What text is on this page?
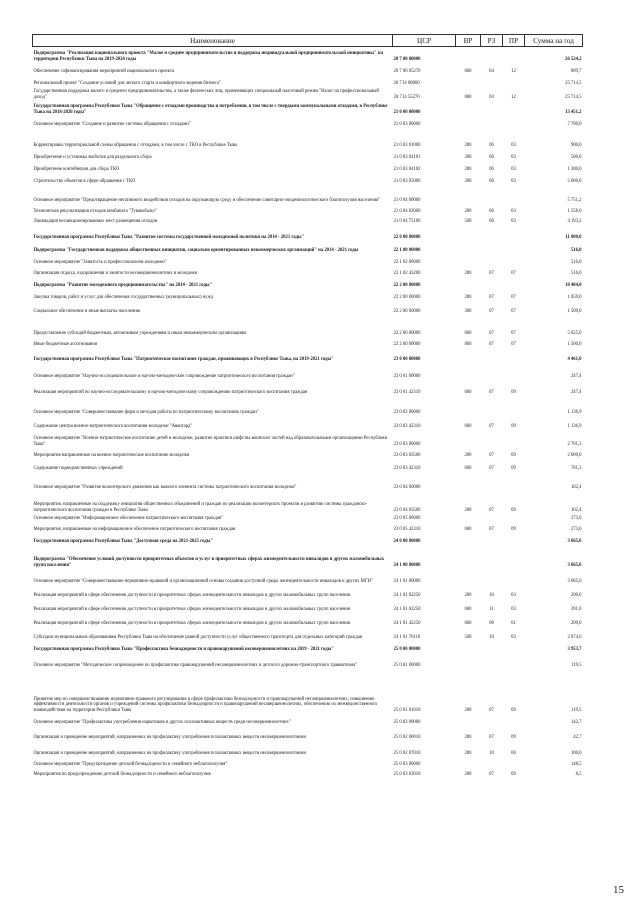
Наименование	ЦСР	ВР	РЗ	ПР	Сумма на год
Подпрограмма "Реализация национального проекта "Малое и среднее предпринимательство и поддержка индивидуальной предпринимательской инициативы" на территории Республики Тыва на 2019-2024 годы	20 7 00 00000				26 524,2
Обеспечение софинансирования мероприятий национального проекта	20 7 00 05270	600	04	12	809,7
Региональный проект "Создание условий для легкого старта и комфортного ведения бизнеса"	20 7 I4 00000				25 714,5
Государственная поддержка малого и среднего предпринимательства, а также физических лиц, применяющих специальный налоговый режим "Налог на профессиональный доход"	20 7 I4 55270	800	04	12	25 714,5
Государственная программа Республики Тыва "Обращение с отходами производства и потребления, в том числе с твердыми коммунальными отходами, в Республике Тыва на 2018-2026 годы"	21 0 00 00000				13 451,2
Основное мероприятие "Создание и развитие системы обращения с отходами"	21 0 03 00000				7 700,0
Корректировка территориальной схемы обращения с отходами, в том числе с ТКО в Республике Тыва	21 0 03 01000	200	06	03	900,0
Приобретение и установка экоботов для раздельного сбора	21 0 03 04101	200	06	03	500,0
Приобретение контейнеров для сбора ТКО	21 0 03 04102	200	06	03	1 300,0
Строительство объектов в сфере обращения с ТКО	21 0 03 05000	200	06	03	5 000,0
Основное мероприятие "Предотвращение негативного воздействия отходов на окружающую среду и обеспечение санитарно-эпидемиологического благополучия населения"	21 0 04 00000				5 751,2
Техническая рекультивация отходов комбината "Тувакобальт"	21 0 04 02000	200	06	03	1 558,0
Ликвидация несанкционированных мест размещения отходов	21 0 04 75100	500	06	03	4 193,2
Государственная программа Республики Тыва "Развитие системы государственной молодежной политики на 2014 - 2021 годы"	22 0 00 00000				11 000,0
Подпрограмма "Государственная поддержка общественных инициатив, социально ориентированных некоммерческих организаций" на 2014 - 2021 годы	22 1 00 00000				516,0
Основное мероприятие "Занятость и профессионализм молодежи"	22 1 02 00000				516,0
Организация отдыха, оздоровления и занятости несовершеннолетних и молодежи	22 1 02 43200	200	07	07	516,0
Подпрограмма "Развитие молодежного предпринимательства" на 2014 - 2021 годы"	22 2 00 00000				10 484,0
Закупка товаров, работ и услуг для обеспечения государственных (муниципальных) нужд	22 2 00 00000	200	07	07	1 859,0
Социальное обеспечение и иные выплаты населению	22 2 00 00000	300	07	07	1 500,0
Предоставление субсидий бюджетным, автономным учреждениям и иным некоммерческим организациям	22 2 00 00000	600	07	07	5 625,0
Иные бюджетные ассигнования	22 2 00 00000	800	07	07	1 500,0
Государственная программа Республики Тыва "Патриотическое воспитание граждан, проживающих в Республике Тыва, на 2019-2021 годы"	23 0 00 00000				4 461,0
Основное мероприятие "Научно-исследовательское и научно-методическое сопровождение патриотического воспитания граждан"	23 0 01 00000				247,4
Реализация мероприятий по научно-исследовательскому и научно-методическому сопровождению патриотического воспитания граждан	23 0 01 42310	600	07	09	247,4
Основное мероприятие "Совершенствование форм и методов работы по патриотическому воспитанию граждан"	23 0 02 00000				1 136,9
Содержание центра военно-патриотического воспитания молодежи "Авангард"	23 0 02 42310	600	07	09	1 136,9
Основное мероприятие "Военно-патриотическое воспитание детей и молодежи, развитие практики шефства воинских частей над образовательными организациями Республики Тыва"	23 0 03 00000				2 701,3
Мероприятия направленные на военно-патриотическое воспитание молодежи	23 0 03 03500	200	07	09	2 000,0
Содержание подведомственных учреждений	23 0 03 42310	600	07	09	701,3
Основное мероприятие "Развитие волонтерского движения как важного элемента системы патриотического воспитания молодежи"	23 0 04 00000				102,4
Мероприятия, направленные на поддержку инициатив общественных объединений и граждан по реализации волонтерских проектов и развитию системы гражданско-патриотического воспитания граждан в Республике Тыва	23 0 04 03500	200	07	09	102,4
Основное мероприятие "Информационное обеспечение патриотического воспитания граждан"	23 0 05 00000				273,0
Мероприятия, направленные на информационное обеспечение патриотического воспитания граждан	23 0 05 42310	600	07	09	273,0
Государственная программа Республики Тыва "Доступная среда на 2021-2025 годы"	24 0 00 00000				3 665,6
Подпрограмма "Обеспечение условий доступности приоритетных объектов и услуг в приоритетных сферах жизнедеятельности инвалидов и других маломобильных групп населения"	24 1 00 00000				3 665,6
Основное мероприятие "Совершенствование нормативно-правовой и организационной основы создания доступной среды жизнедеятельности инвалидов и других МГН"	24 1 01 00000				3 665,6
Реализация мероприятий в сфере обеспечения доступности в приоритетных сферах жизнедеятельности инвалидов и других маломобильных групп населения	24 1 01 02250	200	10	03	200,0
Реализация мероприятий в сфере обеспечения доступности в приоритетных сферах жизнедеятельности инвалидов и других маломобильных групп населения	24 1 01 02250	600	11	03	391,0
Реализация мероприятий в сфере обеспечения доступности в приоритетных сферах жизнедеятельности инвалидов и других маломобильных групп населения	24 1 01 42250	600	08	01	200,0
Субсидии муниципальным образованиям Республики Тыва на обеспечение равной доступности услуг общественного транспорта для отдельных категорий граждан	24 1 01 76110	500	10	03	2 874,6
Государственная программа Республики Тыва "Профилактика безнадзорности и правонарушений несовершеннолетних на 2019 - 2021 годы"	25 0 00 00000				3 953,7
Основное мероприятие "Методическое сопровождение по профилактике правонарушений несовершеннолетних и детского дорожно-транспортного травматизма"	25 0 01 00000				119,5
Принятие мер по совершенствованию нормативно-правового регулирования в сфере профилактики безнадзорности и правонарушений несовершеннолетних, повышению эффективности деятельности органов и учреждений системы профилактики безнадзорности и правонарушений несовершеннолетних, обеспечению их межведомственного взаимодействия на территории Республики Тыва	25 0 01 01010	200	07	09	119,5
Основное мероприятие "Профилактика употребления наркотиков и других психоактивных веществ среди несовершеннолетних"	25 0 02 00000				142,7
Организация и проведение мероприятий, направленных на профилактику употребления психоактивных веществ несовершеннолетними	25 0 02 00010	200	07	09	42,7
Организация и проведение мероприятий, направленных на профилактику употребления психоактивных веществ несовершеннолетними	25 0 02 07010	200	10	06	100,0
Основное мероприятие "Предупреждение детской безнадзорности и семейного неблагополучия"	25 0 03 00000				148,5
Мероприятия по предупреждению детской безнадзорности и семейного неблагополучия	25 0 03 03010	200	07	09	8,5
15
